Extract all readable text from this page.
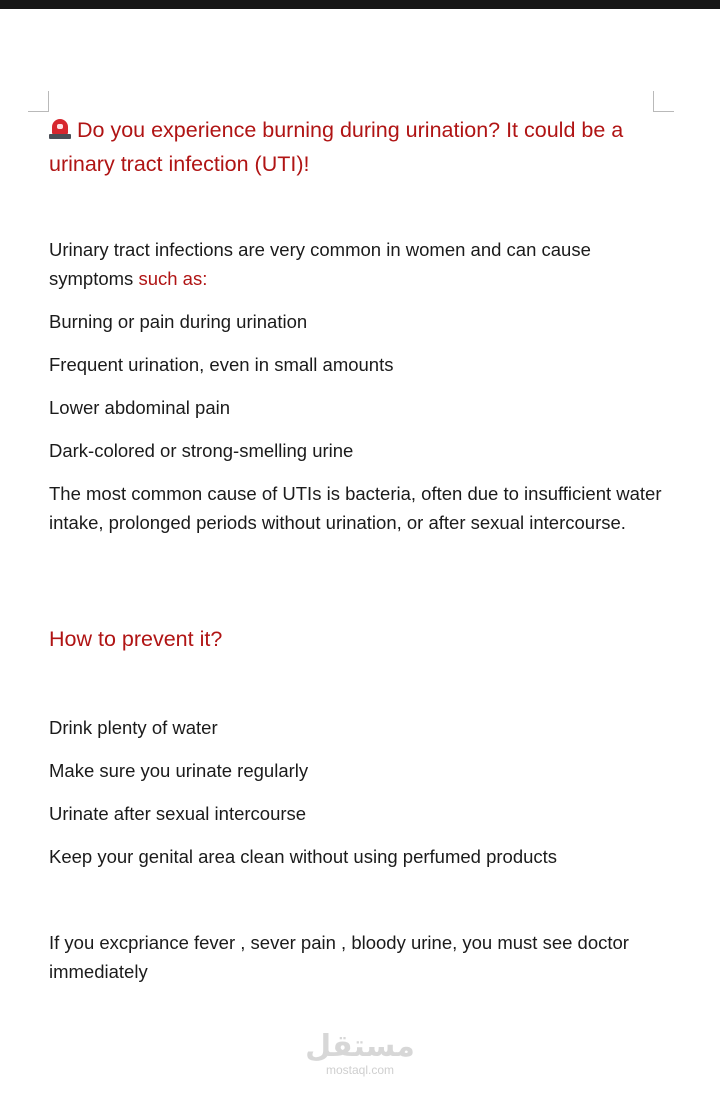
Do you experience burning during urination? It could be a urinary tract infection (UTI)!

Urinary tract infections are very common in women and can cause symptoms such as:

Burning or pain during urination

Frequent urination, even in small amounts

Lower abdominal pain

Dark-colored or strong-smelling urine

The most common cause of UTIs is bacteria, often due to insufficient water intake, prolonged periods without urination, or after sexual intercourse.

How to prevent it?

Drink plenty of water

Make sure you urinate regularly

Urinate after sexual intercourse

Keep your genital area clean without using perfumed products

If you excpriance fever , sever pain , bloody urine, you must see doctor immediately

مستقل
mostaql.com
